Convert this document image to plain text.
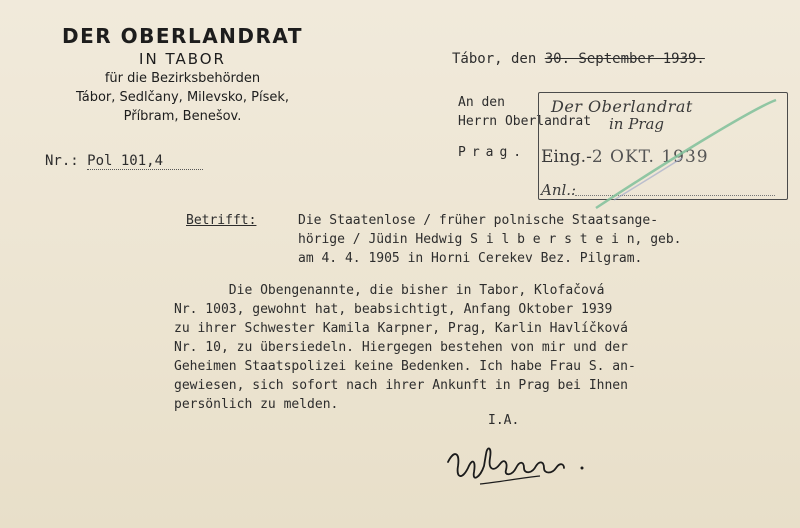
DER OBERLANDRAT
IN TABOR
für die Bezirksbehörden
Tábor, Sedlčany, Milevsko, Písek,
Příbram, Benešov.
Tábor, den 30. September 1939.
An den
Herrn Oberlandrat
Prag.
Nr.: Pol 101,4
Der Oberlandrat
in Prag
Eing.-2 OKT. 1939
Anl.:
Betrifft:	Die Staatenlose / früher polnische Staatsange-
hörige / Jüdin Hedwig S i l b e r s t e i n, geb.
am 4. 4. 1905 in Horni Cerekev Bez. Pilgram.
Die Obengenannte, die bisher in Tabor, Klofačová
Nr. 1003, gewohnt hat, beabsichtigt, Anfang Oktober 1939
zu ihrer Schwester Kamila Karpner, Prag, Karlin Havlíčková
Nr. 10, zu übersiedeln. Hiergegen bestehen von mir und der
Geheimen Staatspolizei keine Bedenken. Ich habe Frau S. an-
gewiesen, sich sofort nach ihrer Ankunft in Prag bei Ihnen
persönlich zu melden.
I.A.
